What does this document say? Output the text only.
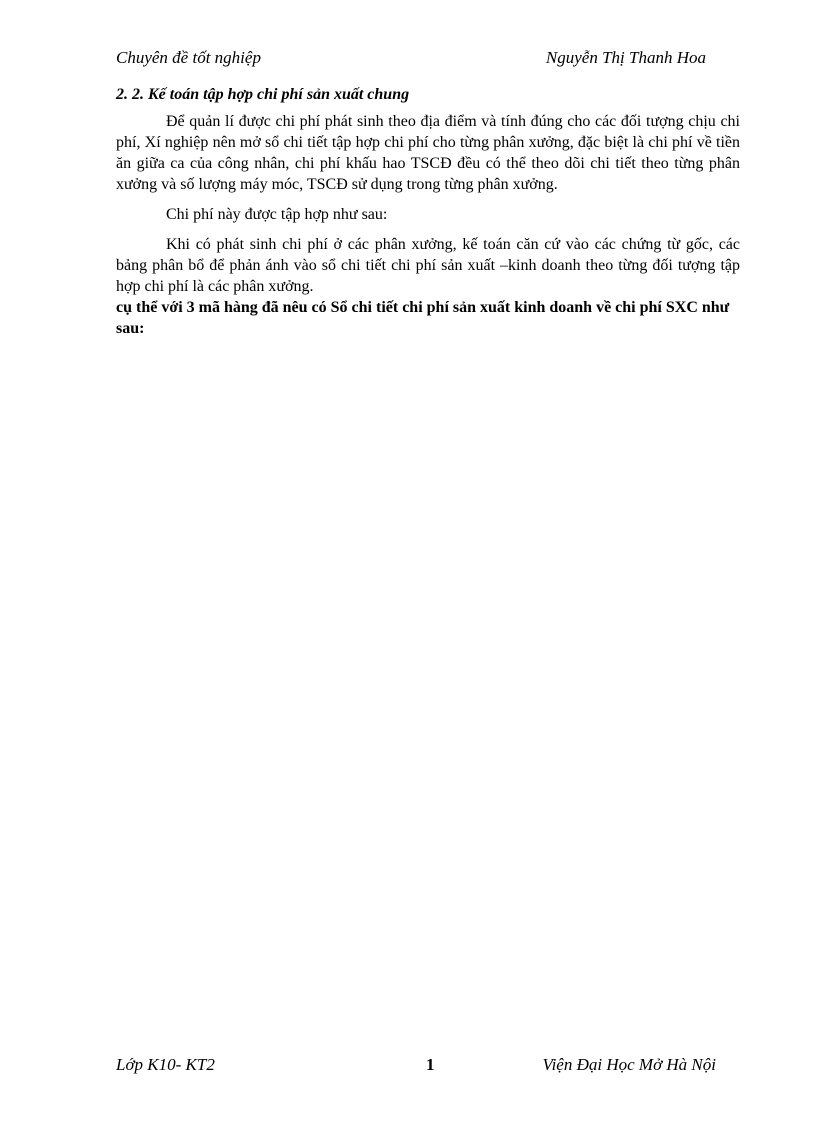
Chuyên đề tốt nghiệp	Nguyễn Thị Thanh Hoa
2. 2. Kế toán tập hợp chi phí sản xuất chung

Để quản lí được chi phí phát sinh theo địa điểm và tính đúng cho các đối tượng chịu chi phí, Xí nghiệp nên mở sổ chi tiết tập hợp chi phí cho từng phân xưởng, đặc biệt là chi phí về tiền ăn giữa ca của công nhân, chi phí khấu hao TSCĐ đều có thể theo dõi chi tiết theo từng phân xưởng và số lượng máy móc, TSCĐ sử dụng trong từng phân xưởng.

Chi phí này được tập hợp như sau:

Khi có phát sinh chi phí ở các phân xưởng, kế toán căn cứ vào các chứng từ gốc, các bảng phân bổ để phản ánh vào sổ chi tiết chi phí sản xuất –kinh doanh theo từng đối tượng tập hợp chi phí là các phân xưởng.

cụ thể với 3 mã hàng đã nêu có Sổ chi tiết chi phí sản xuất kinh doanh về chi phí SXC như sau:

Lớp K10- KT2	1	Viện Đại Học Mở Hà Nội
